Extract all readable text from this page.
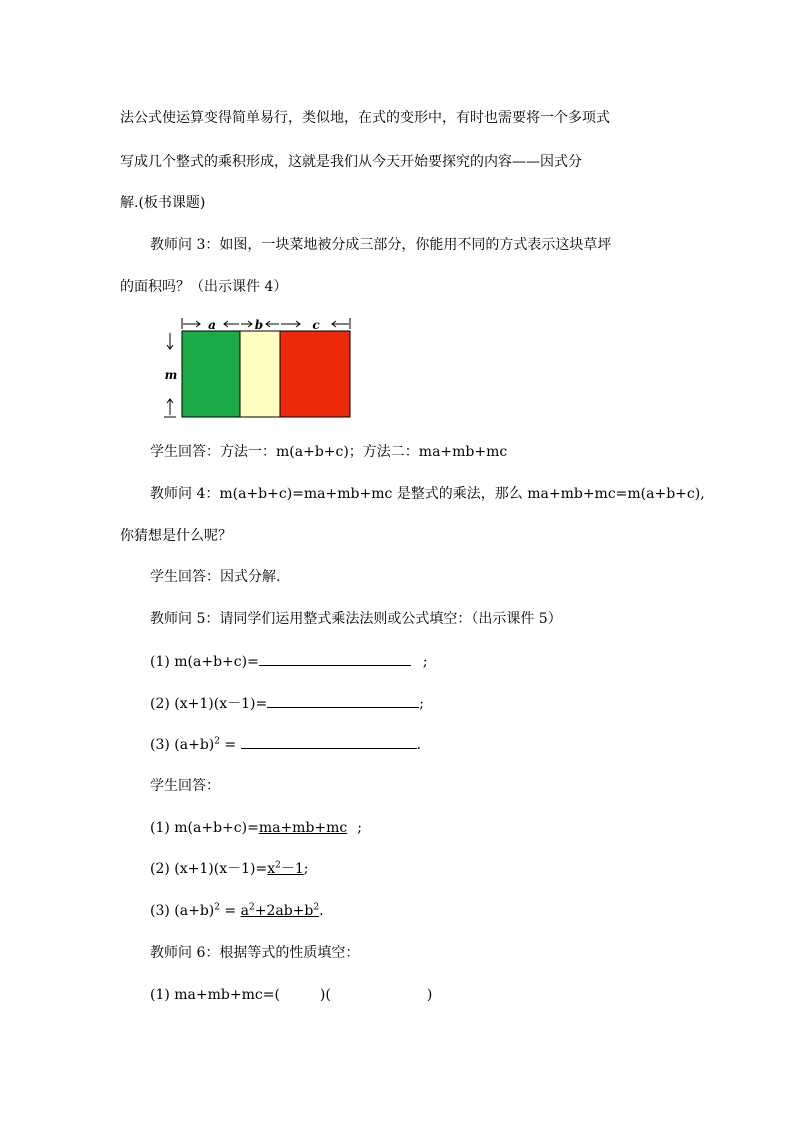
法公式使运算变得简单易行，类似地，在式的变形中，有时也需要将一个多项式
写成几个整式的乘积形成，这就是我们从今天开始要探究的内容——因式分
解.(板书课题)
教师问 3：如图，一块菜地被分成三部分，你能用不同的方式表示这块草坪
的面积吗？（出示课件 4）
a	b	c
m
学生回答：方法一：m(a+b+c)；方法二：ma+mb+mc
教师问 4：m(a+b+c)=ma+mb+mc 是整式的乘法，那么 ma+mb+mc=m(a+b+c),
你猜想是什么呢？
学生回答：因式分解.
教师问 5：请同学们运用整式乘法法则或公式填空：（出示课件 5）
(1) m(a+b+c)=	;
(2) (x+1)(x－1)=	;
(3) $(a+b)^2$ =	.
学生回答：
(1) m(a+b+c)=ma+mb+mc ;
(2) $(x+1)(x-1)=x^2-1$;
(3) $(a+b)^2 = a^2+2ab+b^2$.
教师问 6：根据等式的性质填空：
(1) ma+mb+mc=(	)(	)
